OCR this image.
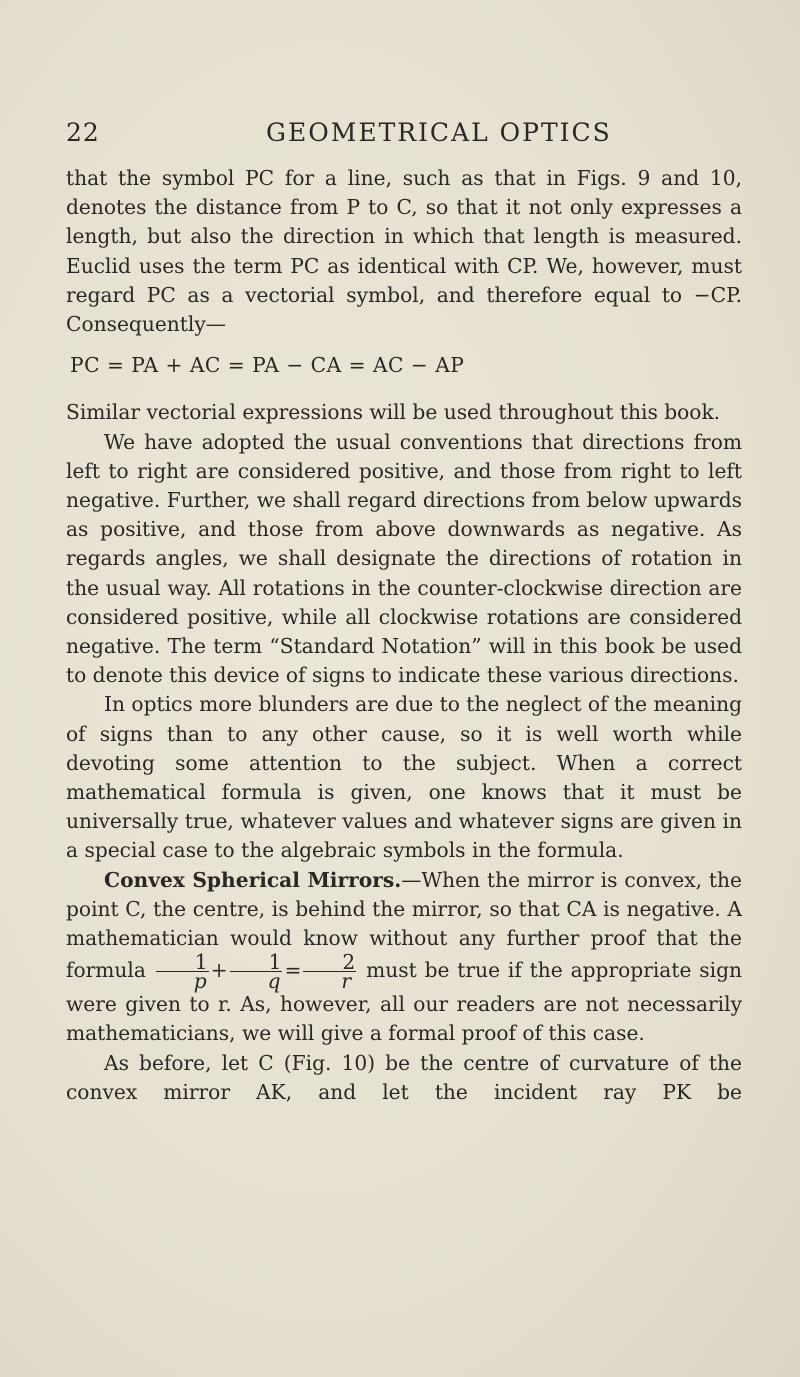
22	GEOMETRICAL OPTICS

that the symbol PC for a line, such as that in Figs. 9 and 10, denotes the distance from P to C, so that it not only expresses a length, but also the direction in which that length is measured. Euclid uses the term PC as identical with CP. We, however, must regard PC as a vectorial symbol, and therefore equal to −CP. Consequently—

PC = PA + AC = PA − CA = AC − AP

Similar vectorial expressions will be used throughout this book.

We have adopted the usual conventions that directions from left to right are considered positive, and those from right to left negative. Further, we shall regard directions from below upwards as positive, and those from above downwards as negative. As regards angles, we shall designate the directions of rotation in the usual way. All rotations in the counter-clockwise direction are considered positive, while all clockwise rotations are considered negative. The term “Standard Notation” will in this book be used to denote this device of signs to indicate these various directions.

In optics more blunders are due to the neglect of the meaning of signs than to any other cause, so it is well worth while devoting some attention to the subject. When a correct mathematical formula is given, one knows that it must be universally true, whatever values and whatever signs are given in a special case to the algebraic symbols in the formula.

Convex Spherical Mirrors.—When the mirror is convex, the point C, the centre, is behind the mirror, so that CA is negative. A mathematician would know without any further proof that the formula $\frac{1}{p} + \frac{1}{q} = \frac{2}{r}$ must be true if the appropriate sign were given to r. As, however, all our readers are not necessarily mathematicians, we will give a formal proof of this case.

As before, let C (Fig. 10) be the centre of curvature of the convex mirror AK, and let the incident ray PK be
